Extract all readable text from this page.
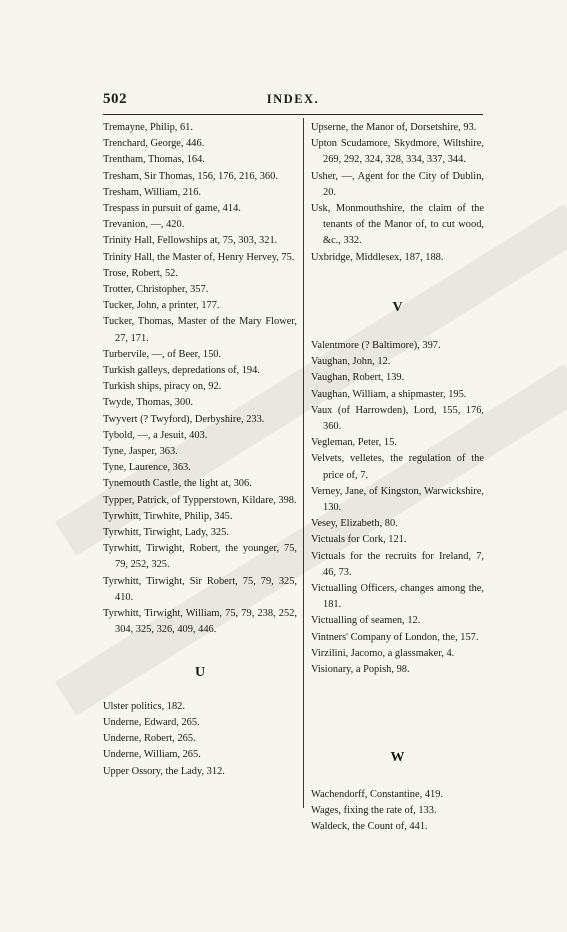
502	INDEX.
Tremayne, Philip, 61.
Trenchard, George, 446.
Trentham, Thomas, 164.
Tresham, Sir Thomas, 156, 176, 216, 360.
Tresham, William, 216.
Trespass in pursuit of game, 414.
Trevanion, —, 420.
Trinity Hall, Fellowships at, 75, 303, 321.
Trinity Hall, the Master of, Henry Hervey, 75.
Trose, Robert, 52.
Trotter, Christopher, 357.
Tucker, John, a printer, 177.
Tucker, Thomas, Master of the Mary Flower, 27, 171.
Turbervile, —, of Beer, 150.
Turkish galleys, depredations of, 194.
Turkish ships, piracy on, 92.
Twyde, Thomas, 300.
Twyvert (? Twyford), Derbyshire, 233.
Tybold, —, a Jesuit, 403.
Tyne, Jasper, 363.
Tyne, Laurence, 363.
Tynemouth Castle, the light at, 306.
Typper, Patrick, of Typperstown, Kildare, 398.
Tyrwhitt, Tirwhite, Philip, 345.
Tyrwhitt, Tirwight, Lady, 325.
Tyrwhitt, Tirwight, Robert, the younger, 75, 79, 252, 325.
Tyrwhitt, Tirwight, Sir Robert, 75, 79, 325, 410.
Tyrwhitt, Tirwight, William, 75, 79, 238, 252, 304, 325, 326, 409, 446.
U
Ulster politics, 182.
Underne, Edward, 265.
Underne, Robert, 265.
Underne, William, 265.
Upper Ossory, the Lady, 312.
Upserne, the Manor of, Dorsetshire, 93.
Upton Scudamore, Skydmore, Wiltshire, 269, 292, 324, 328, 334, 337, 344.
Usher, —, Agent for the City of Dublin, 20.
Usk, Monmouthshire, the claim of the tenants of the Manor of, to cut wood, &c., 332.
Uxbridge, Middlesex, 187, 188.
V
Valentmore (? Baltimore), 397.
Vaughan, John, 12.
Vaughan, Robert, 139.
Vaughan, William, a shipmaster, 195.
Vaux (of Harrowden), Lord, 155, 176, 360.
Vegleman, Peter, 15.
Velvets, velletes, the regulation of the price of, 7.
Verney, Jane, of Kingston, Warwickshire, 130.
Vesey, Elizabeth, 80.
Victuals for Cork, 121.
Victuals for the recruits for Ireland, 7, 46, 73.
Victualling Officers, changes among the, 181.
Victualling of seamen, 12.
Vintners' Company of London, the, 157.
Virzilini, Jacomo, a glassmaker, 4.
Visionary, a Popish, 98.
W
Wachendorff, Constantine, 419.
Wages, fixing the rate of, 133.
Waldeck, the Count of, 441.
